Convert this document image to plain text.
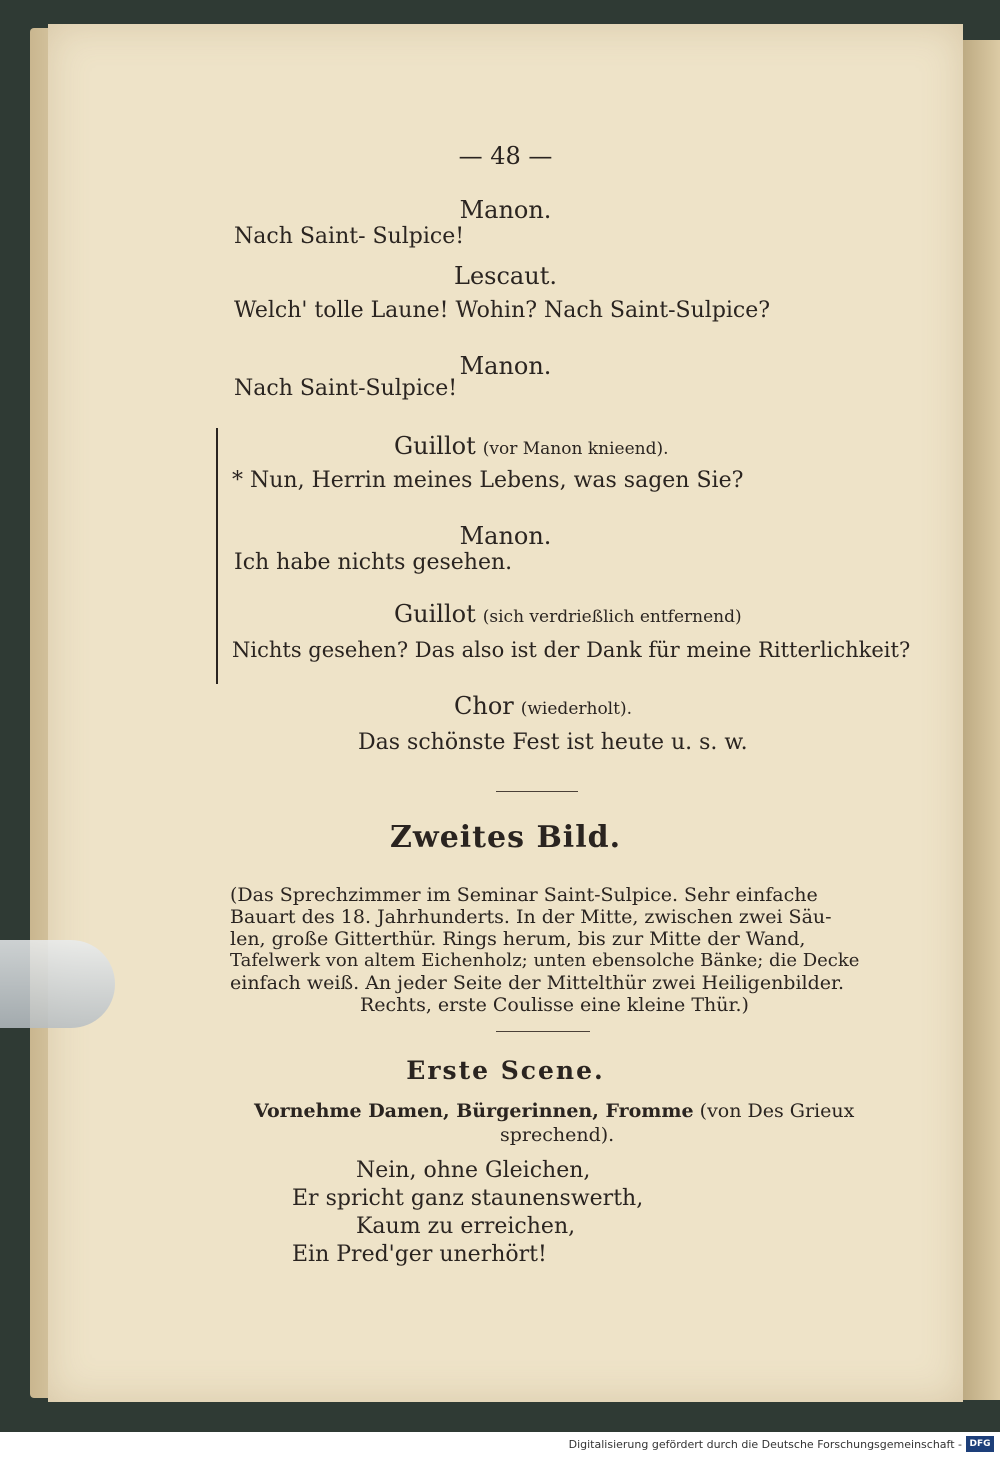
— 48 —
Manon.
Nach Saint- Sulpice!
Lescaut.
Welch' tolle Laune! Wohin? Nach Saint-Sulpice?
Manon.
Nach Saint-Sulpice!
Guillot (vor Manon knieend).
* Nun, Herrin meines Lebens, was sagen Sie?
Manon.
Ich habe nichts gesehen.
Guillot (sich verdrießlich entfernend)
Nichts gesehen? Das also ist der Dank für meine Ritterlichkeit?
Chor (wiederholt).
Das schönste Fest ist heute u. s. w.
Zweites Bild.
(Das Sprechzimmer im Seminar Saint-Sulpice. Sehr einfache
Bauart des 18. Jahrhunderts. In der Mitte, zwischen zwei Säu-
len, große Gitterthür. Rings herum, bis zur Mitte der Wand,
Tafelwerk von altem Eichenholz; unten ebensolche Bänke; die Decke
einfach weiß. An jeder Seite der Mittelthür zwei Heiligenbilder.
Rechts, erste Coulisse eine kleine Thür.)
Erste Scene.
Vornehme Damen, Bürgerinnen, Fromme (von Des Grieux
sprechend).
Nein, ohne Gleichen,
Er spricht ganz staunenswerth,
Kaum zu erreichen,
Ein Pred'ger unerhört!
Digitalisierung gefördert durch die Deutsche Forschungsgemeinschaft - DFG
